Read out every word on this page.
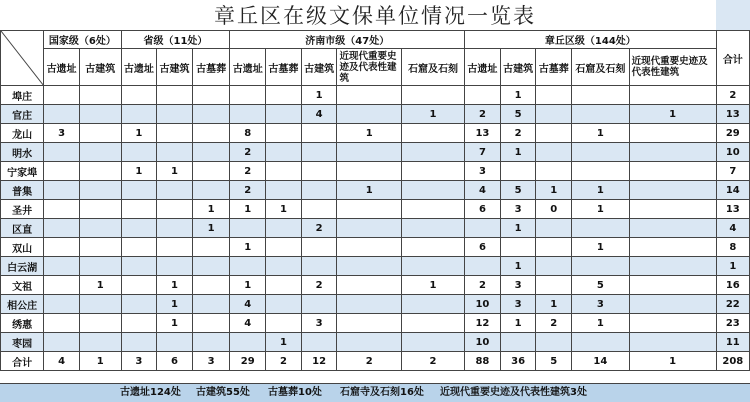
章丘区在级文保单位情况一览表
	国家级（6处）		省级（11处）			济南市级（47处）					章丘区级（144处）					合计
	古遗址	古建筑	古遗址	古建筑	古墓葬	古遗址	古墓葬	古建筑	近现代重要史迹及代表性建筑	石窟及石刻	古遗址	古建筑	古墓葬	石窟及石刻	近现代重要史迹及代表性建筑	
埠庄								1				1				2
官庄								4		1	2	5			1	13
龙山	3		1			8			1		13	2		1		29
明水						2					7	1				10
宁家埠			1	1		2					3					7
普集						2			1		4	5	1	1		14
圣井					1	1	1				6	3	0	1		13
区直					1			2				1				4
双山						1					6			1		8
白云湖												1				1
文祖		1		1		1		2		1	2	3		5		16
相公庄				1		4					10	3	1	3		22
绣惠				1		4		3			12	1	2	1		23
枣园							1				10					11
合计	4	1	3	6	3	29	2	12	2	2	88	36	5	14	1	208
古遗址124处 古建筑55处 古墓葬10处 石窟寺及石刻16处 近现代重要史迹及代表性建筑3处
